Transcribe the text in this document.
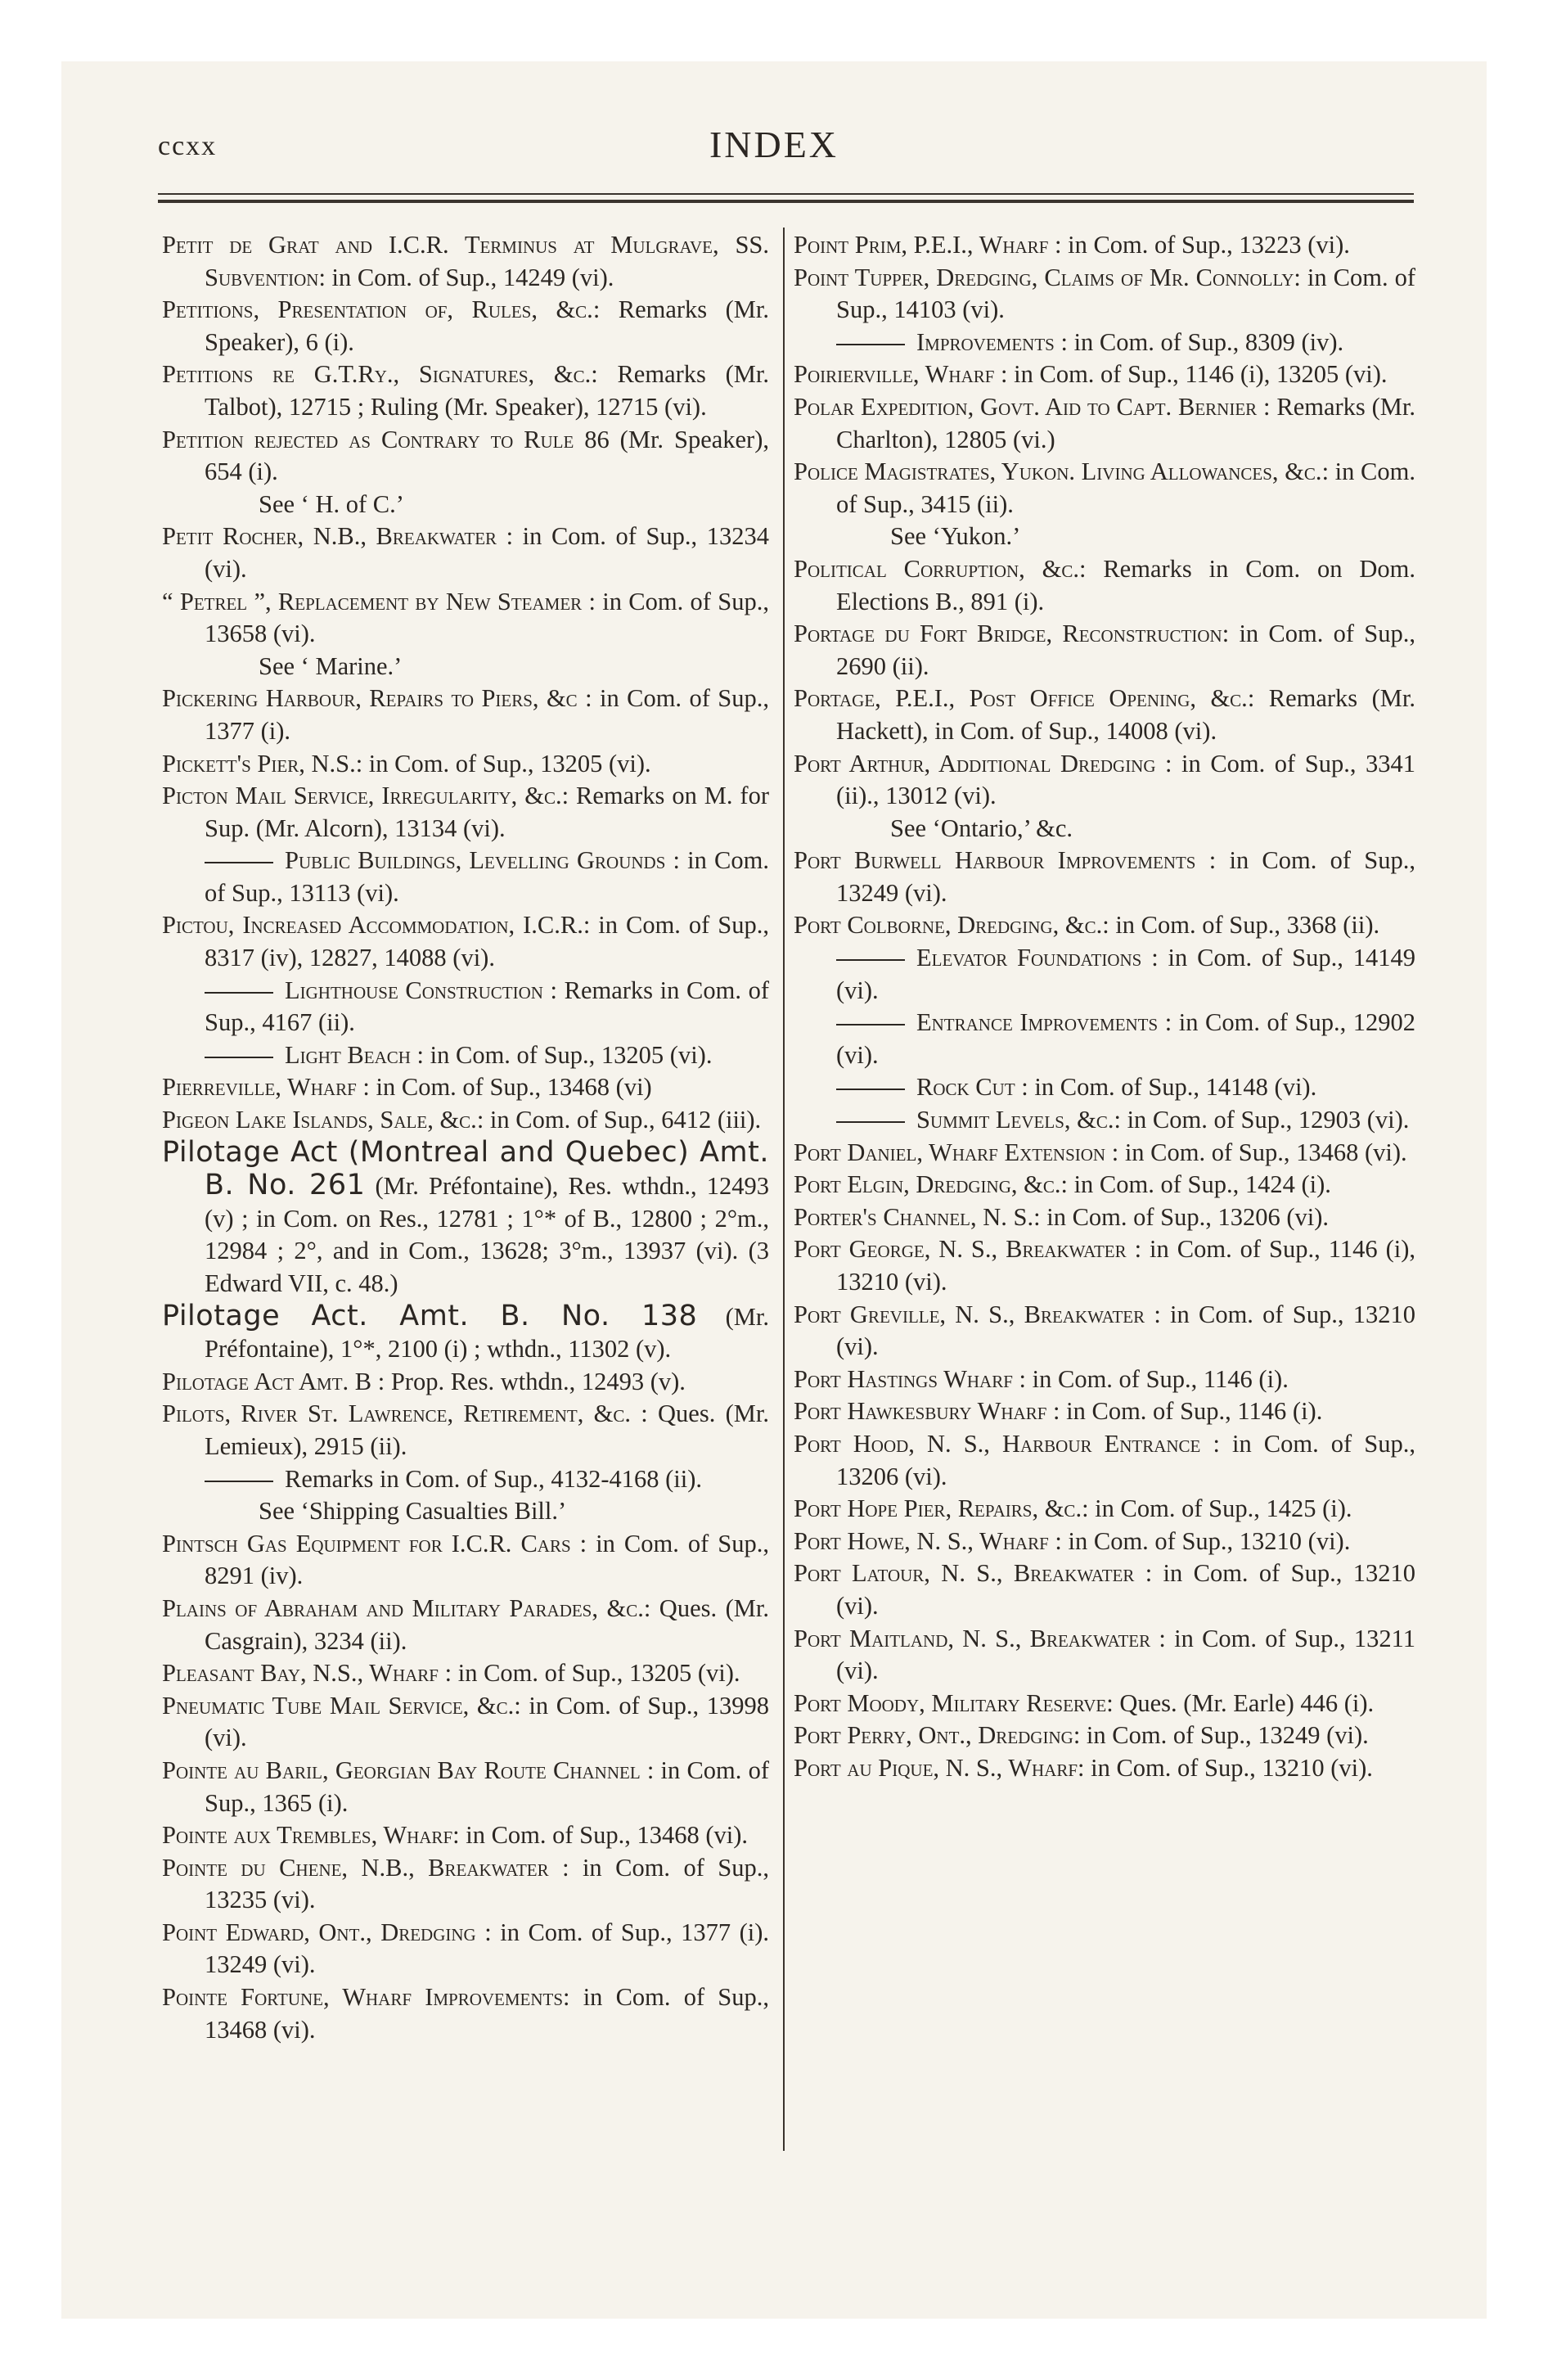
ccxx	INDEX
Petit de Grat and I.C.R. Terminus at Mulgrave, SS. Subvention: in Com. of Sup., 14249 (vi).
Petitions, Presentation of, Rules, &c.: Remarks (Mr. Speaker), 6 (i).
Petitions re G.T.Ry., Signatures, &c.: Remarks (Mr. Talbot), 12715 ; Ruling (Mr. Speaker), 12715 (vi).
Petition rejected as Contrary to Rule 86 (Mr. Speaker), 654 (i).
See ‘ H. of C.’
Petit Rocher, N.B., Breakwater : in Com. of Sup., 13234 (vi).
“ Petrel ”, Replacement by New Steamer : in Com. of Sup., 13658 (vi).
See ‘ Marine.’
Pickering Harbour, Repairs to Piers, &c : in Com. of Sup., 1377 (i).
Pickett's Pier, N.S.: in Com. of Sup., 13205 (vi).
Picton Mail Service, Irregularity, &c.: Remarks on M. for Sup. (Mr. Alcorn), 13134 (vi).
Public Buildings, Levelling Grounds : in Com. of Sup., 13113 (vi).
Pictou, Increased Accommodation, I.C.R.: in Com. of Sup., 8317 (iv), 12827, 14088 (vi).
Lighthouse Construction : Remarks in Com. of Sup., 4167 (ii).
Light Beach : in Com. of Sup., 13205 (vi).
Pierreville, Wharf : in Com. of Sup., 13468 (vi)
Pigeon Lake Islands, Sale, &c.: in Com. of Sup., 6412 (iii).
Pilotage Act (Montreal and Quebec) Amt. B. No. 261 (Mr. Préfontaine), Res. wthdn., 12493 (v) ; in Com. on Res., 12781 ; 1°* of B., 12800 ; 2°m., 12984 ; 2°, and in Com., 13628; 3°m., 13937 (vi). (3 Edward VII, c. 48.)
Pilotage Act. Amt. B. No. 138 (Mr. Préfontaine), 1°*, 2100 (i) ; wthdn., 11302 (v).
Pilotage Act Amt. B : Prop. Res. wthdn., 12493 (v).
Pilots, River St. Lawrence, Retirement, &c. : Ques. (Mr. Lemieux), 2915 (ii).
Remarks in Com. of Sup., 4132-4168 (ii).
See ‘Shipping Casualties Bill.’
Pintsch Gas Equipment for I.C.R. Cars : in Com. of Sup., 8291 (iv).
Plains of Abraham and Military Parades, &c.: Ques. (Mr. Casgrain), 3234 (ii).
Pleasant Bay, N.S., Wharf : in Com. of Sup., 13205 (vi).
Pneumatic Tube Mail Service, &c.: in Com. of Sup., 13998 (vi).
Pointe au Baril, Georgian Bay Route Channel : in Com. of Sup., 1365 (i).
Pointe aux Trembles, Wharf: in Com. of Sup., 13468 (vi).
Pointe du Chene, N.B., Breakwater : in Com. of Sup., 13235 (vi).
Point Edward, Ont., Dredging : in Com. of Sup., 1377 (i). 13249 (vi).
Pointe Fortune, Wharf Improvements: in Com. of Sup., 13468 (vi).
Point Prim, P.E.I., Wharf : in Com. of Sup., 13223 (vi).
Point Tupper, Dredging, Claims of Mr. Connolly: in Com. of Sup., 14103 (vi).
Improvements : in Com. of Sup., 8309 (iv).
Poirierville, Wharf : in Com. of Sup., 1146 (i), 13205 (vi).
Polar Expedition, Govt. Aid to Capt. Bernier : Remarks (Mr. Charlton), 12805 (vi.)
Police Magistrates, Yukon. Living Allowances, &c.: in Com. of Sup., 3415 (ii).
See ‘Yukon.’
Political Corruption, &c.: Remarks in Com. on Dom. Elections B., 891 (i).
Portage du Fort Bridge, Reconstruction: in Com. of Sup., 2690 (ii).
Portage, P.E.I., Post Office Opening, &c.: Remarks (Mr. Hackett), in Com. of Sup., 14008 (vi).
Port Arthur, Additional Dredging : in Com. of Sup., 3341 (ii)., 13012 (vi).
See ‘Ontario,’ &c.
Port Burwell Harbour Improvements : in Com. of Sup., 13249 (vi).
Port Colborne, Dredging, &c.: in Com. of Sup., 3368 (ii).
Elevator Foundations : in Com. of Sup., 14149 (vi).
Entrance Improvements : in Com. of Sup., 12902 (vi).
Rock Cut : in Com. of Sup., 14148 (vi).
Summit Levels, &c.: in Com. of Sup., 12903 (vi).
Port Daniel, Wharf Extension : in Com. of Sup., 13468 (vi).
Port Elgin, Dredging, &c.: in Com. of Sup., 1424 (i).
Porter's Channel, N. S.: in Com. of Sup., 13206 (vi).
Port George, N. S., Breakwater : in Com. of Sup., 1146 (i), 13210 (vi).
Port Greville, N. S., Breakwater : in Com. of Sup., 13210 (vi).
Port Hastings Wharf : in Com. of Sup., 1146 (i).
Port Hawkesbury Wharf : in Com. of Sup., 1146 (i).
Port Hood, N. S., Harbour Entrance : in Com. of Sup., 13206 (vi).
Port Hope Pier, Repairs, &c.: in Com. of Sup., 1425 (i).
Port Howe, N. S., Wharf : in Com. of Sup., 13210 (vi).
Port Latour, N. S., Breakwater : in Com. of Sup., 13210 (vi).
Port Maitland, N. S., Breakwater : in Com. of Sup., 13211 (vi).
Port Moody, Military Reserve: Ques. (Mr. Earle) 446 (i).
Port Perry, Ont., Dredging: in Com. of Sup., 13249 (vi).
Port au Pique, N. S., Wharf: in Com. of Sup., 13210 (vi).
